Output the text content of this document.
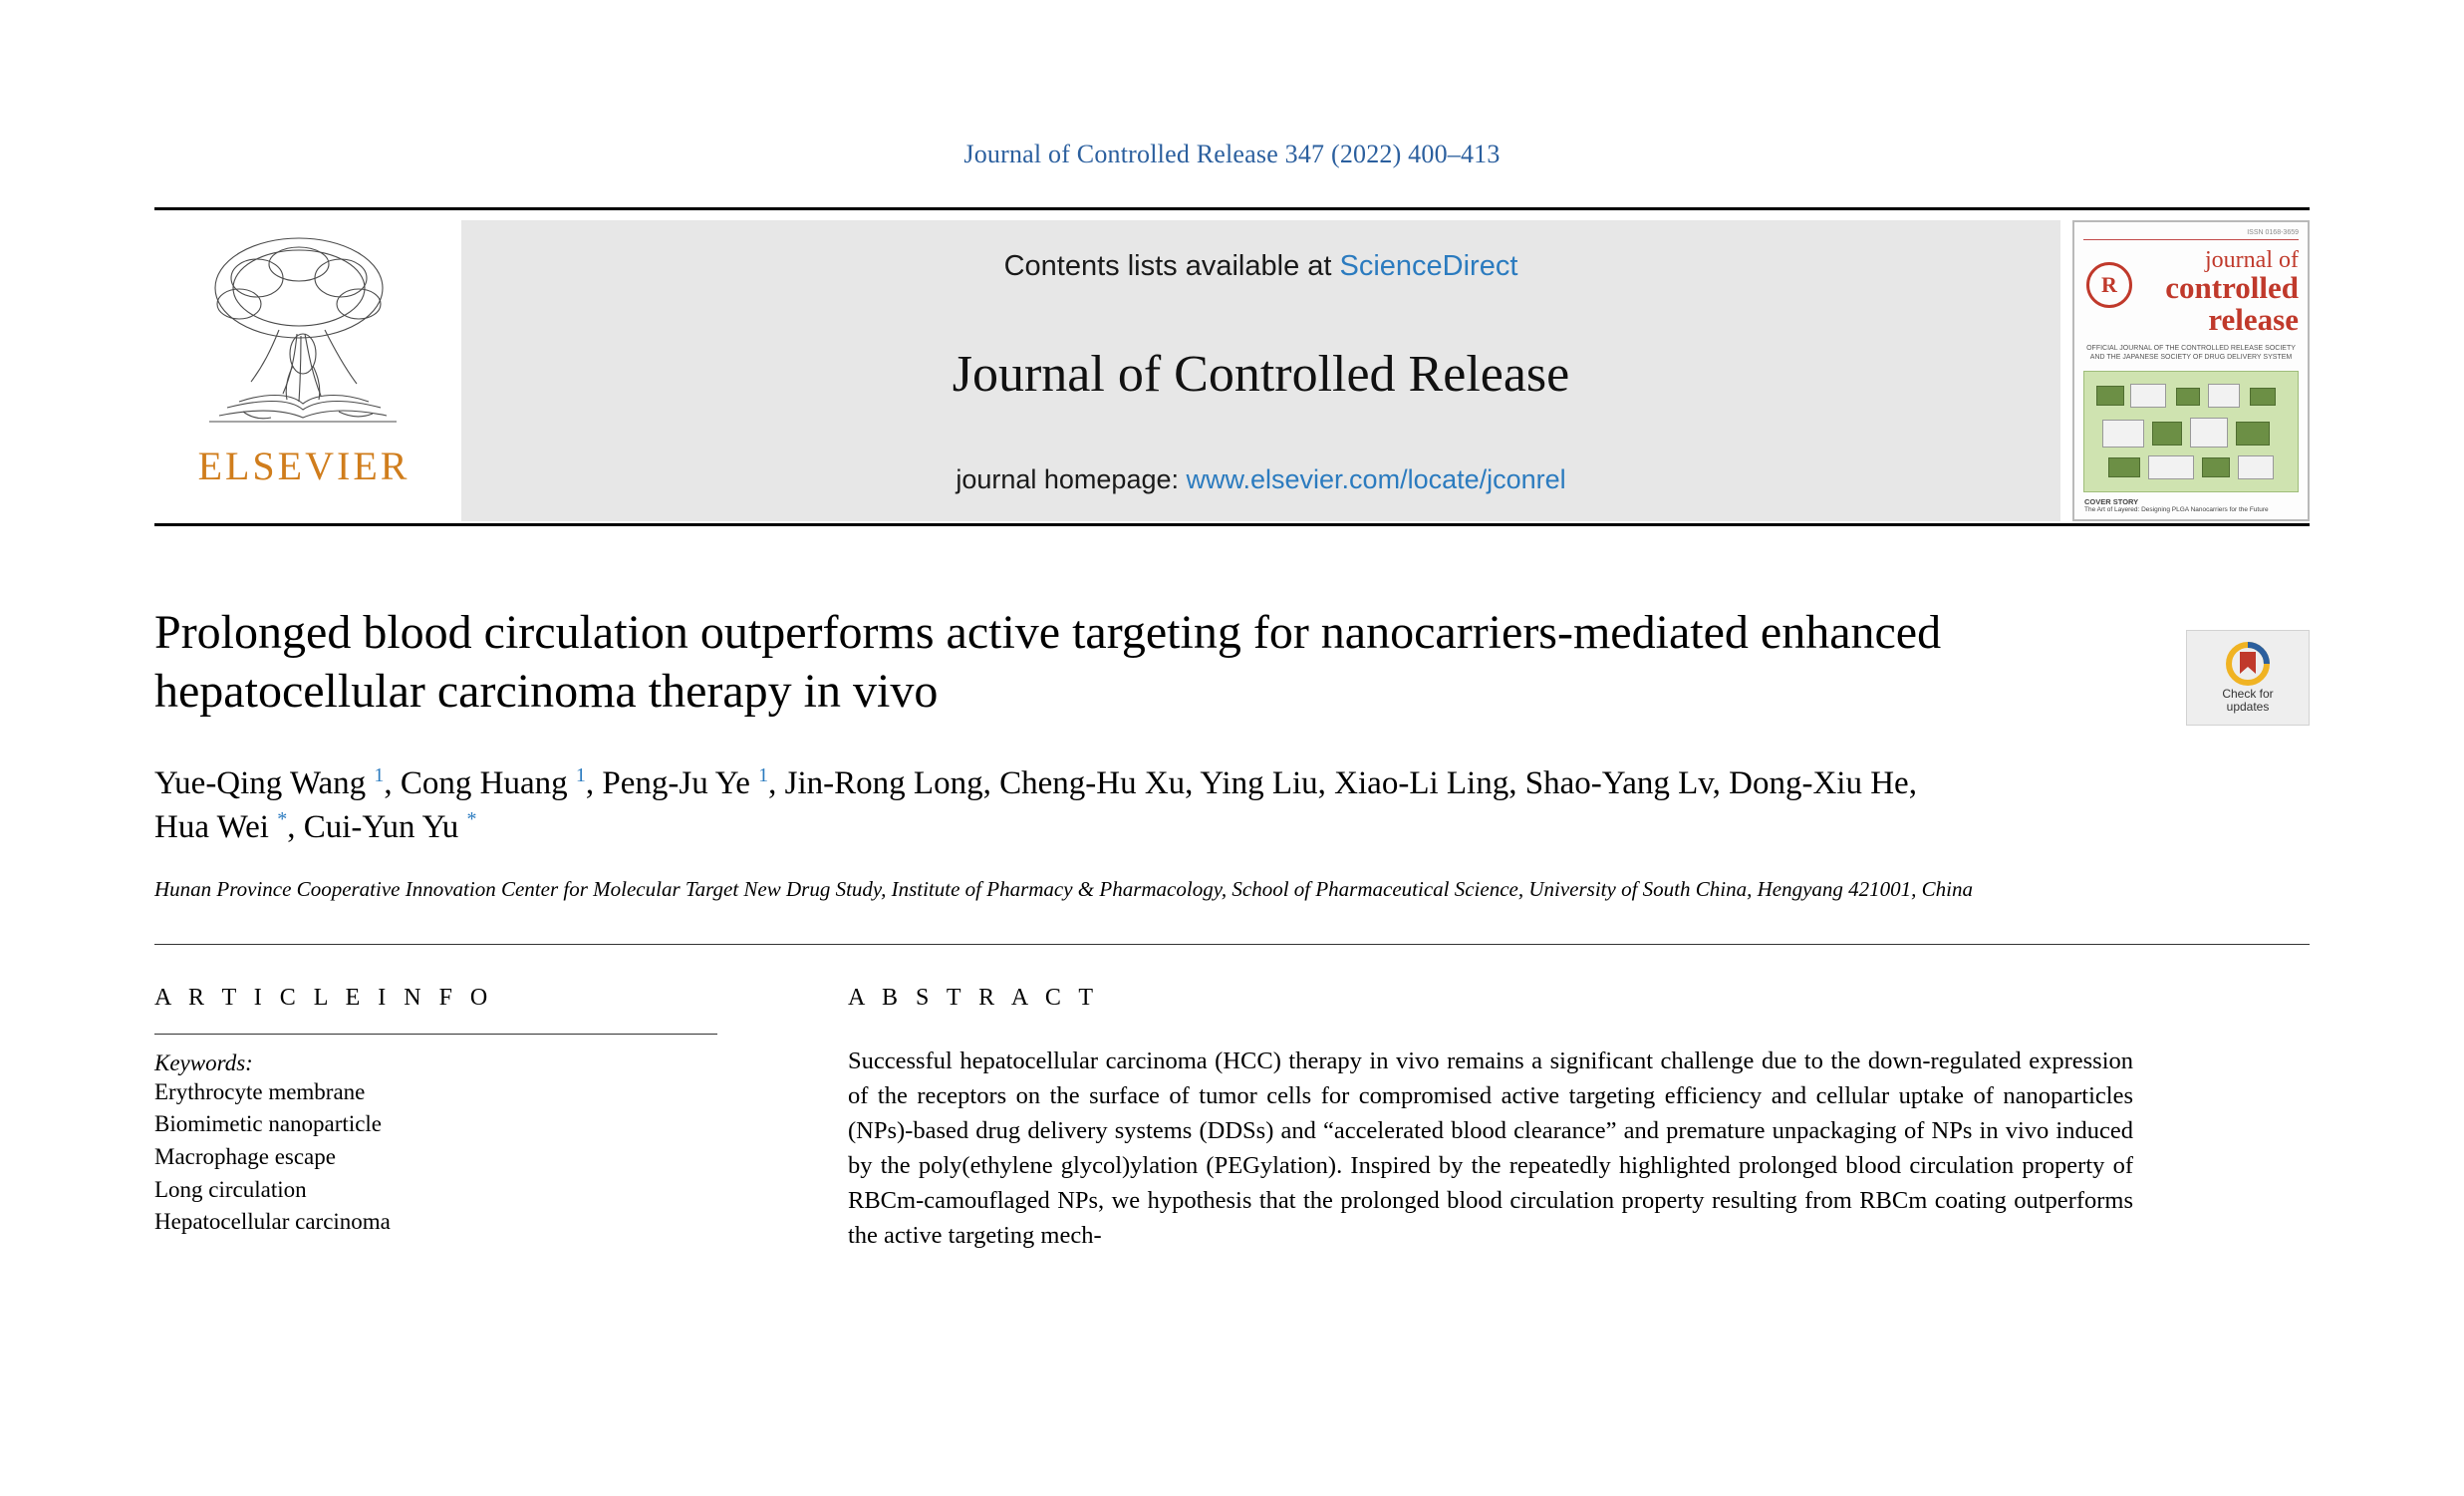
Journal of Controlled Release 347 (2022) 400–413
ELSEVIER
Contents lists available at ScienceDirect
Journal of Controlled Release
journal homepage: www.elsevier.com/locate/jconrel
ISSN 0168-3659
R
journal of
controlled
release
OFFICIAL JOURNAL OF THE CONTROLLED RELEASE SOCIETY AND THE JAPANESE SOCIETY OF DRUG DELIVERY SYSTEM
COVER STORY
The Art of Layered: Designing PLGA Nanocarriers for the Future
Check for
updates
Prolonged blood circulation outperforms active targeting for nanocarriers-mediated enhanced hepatocellular carcinoma therapy in vivo
Yue-Qing Wang $^1$, Cong Huang $^1$, Peng-Ju Ye $^1$, Jin-Rong Long, Cheng-Hu Xu, Ying Liu, Xiao-Li Ling, Shao-Yang Lv, Dong-Xiu He, Hua Wei *, Cui-Yun Yu *
Hunan Province Cooperative Innovation Center for Molecular Target New Drug Study, Institute of Pharmacy & Pharmacology, School of Pharmaceutical Science, University of South China, Hengyang 421001, China
A R T I C L E I N F O
Keywords:
Erythrocyte membrane
Biomimetic nanoparticle
Macrophage escape
Long circulation
Hepatocellular carcinoma
A B S T R A C T
Successful hepatocellular carcinoma (HCC) therapy in vivo remains a significant challenge due to the down-regulated expression of the receptors on the surface of tumor cells for compromised active targeting efficiency and cellular uptake of nanoparticles (NPs)-based drug delivery systems (DDSs) and “accelerated blood clearance” and premature unpackaging of NPs in vivo induced by the poly(ethylene glycol)ylation (PEGylation). Inspired by the repeatedly highlighted prolonged blood circulation property of RBCm-camouflaged NPs, we hypothesis that the prolonged blood circulation property resulting from RBCm coating outperforms the active targeting mech-
